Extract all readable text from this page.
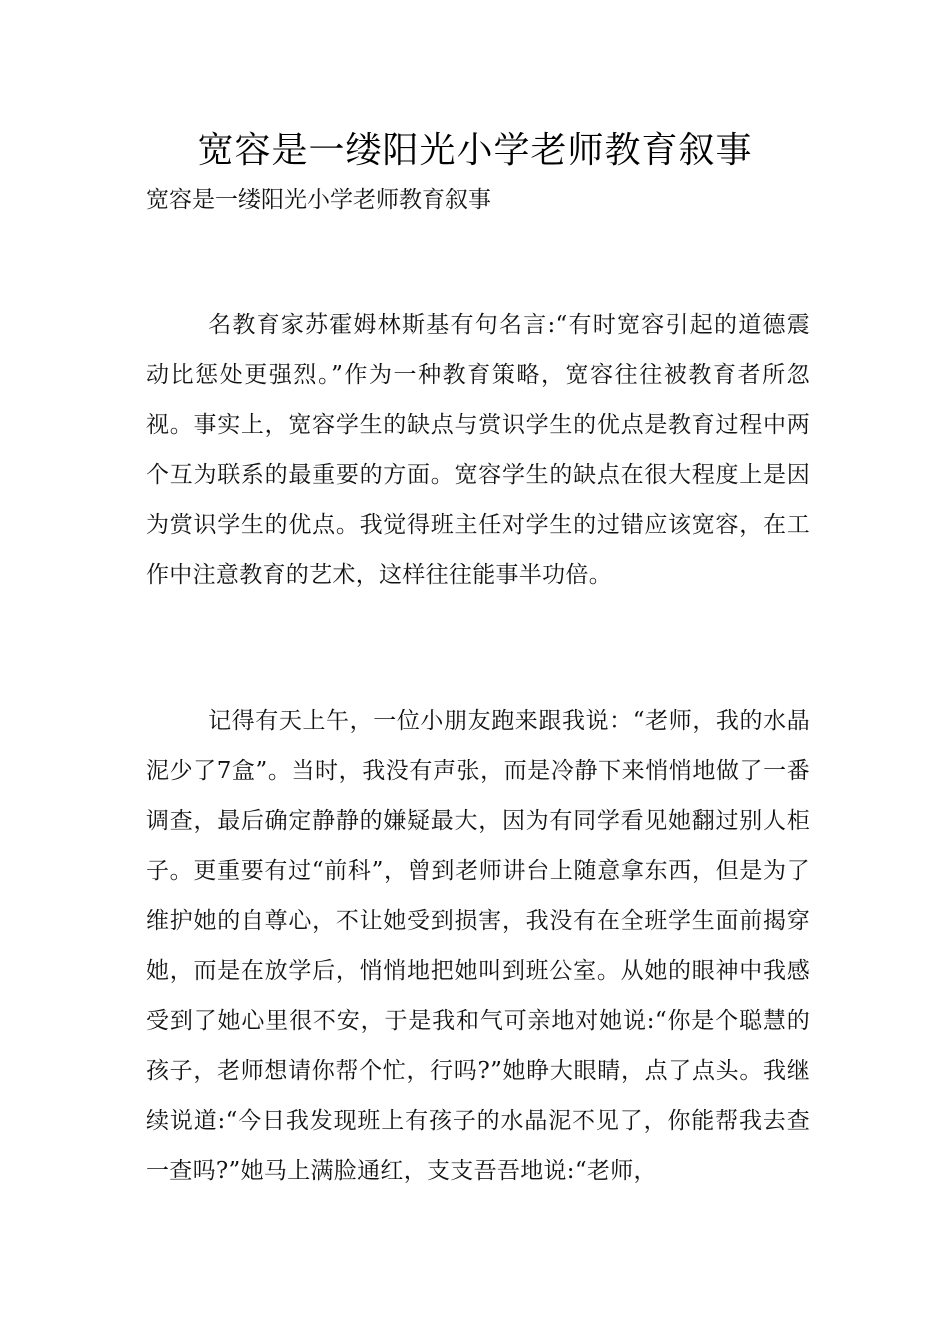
宽容是一缕阳光小学老师教育叙事
宽容是一缕阳光小学老师教育叙事

名教育家苏霍姆林斯基有句名言:“有时宽容引起的道德震动比惩处更强烈。”作为一种教育策略，宽容往往被教育者所忽视。事实上，宽容学生的缺点与赏识学生的优点是教育过程中两个互为联系的最重要的方面。宽容学生的缺点在很大程度上是因为赏识学生的优点。我觉得班主任对学生的过错应该宽容，在工作中注意教育的艺术，这样往往能事半功倍。

记得有天上午，一位小朋友跑来跟我说：“老师，我的水晶泥少了7盒”。当时，我没有声张，而是冷静下来悄悄地做了一番调查，最后确定静静的嫌疑最大，因为有同学看见她翻过别人柜子。更重要有过“前科”，曾到老师讲台上随意拿东西，但是为了维护她的自尊心，不让她受到损害，我没有在全班学生面前揭穿她，而是在放学后，悄悄地把她叫到班公室。从她的眼神中我感受到了她心里很不安，于是我和气可亲地对她说:“你是个聪慧的孩子，老师想请你帮个忙，行吗?”她睁大眼睛，点了点头。我继续说道:“今日我发现班上有孩子的水晶泥不见了，你能帮我去查一查吗?”她马上满脸通红，支支吾吾地说:“老师，
